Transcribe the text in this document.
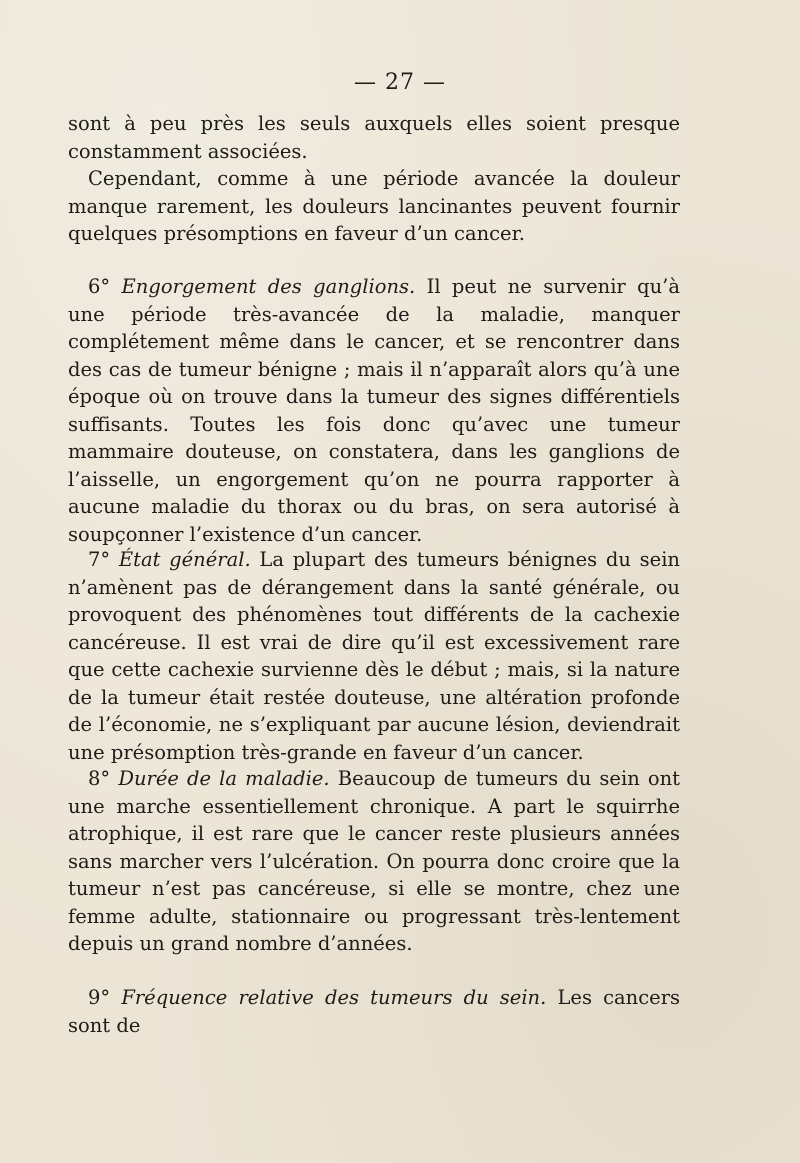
— 27 —

sont à peu près les seuls auxquels elles soient presque constamment associées.

Cependant, comme à une période avancée la douleur manque rarement, les douleurs lancinantes peuvent fournir quelques présomptions en faveur d’un cancer.

6° Engorgement des ganglions. Il peut ne survenir qu’à une période très-avancée de la maladie, manquer complétement même dans le cancer, et se rencontrer dans des cas de tumeur bénigne ; mais il n’apparaît alors qu’à une époque où on trouve dans la tumeur des signes différentiels suffisants. Toutes les fois donc qu’avec une tumeur mammaire douteuse, on constatera, dans les ganglions de l’aisselle, un engorgement qu’on ne pourra rapporter à aucune maladie du thorax ou du bras, on sera autorisé à soupçonner l’existence d’un cancer.

7° État général. La plupart des tumeurs bénignes du sein n’amènent pas de dérangement dans la santé générale, ou provoquent des phénomènes tout différents de la cachexie cancéreuse. Il est vrai de dire qu’il est excessivement rare que cette cachexie survienne dès le début ; mais, si la nature de la tumeur était restée douteuse, une altération profonde de l’économie, ne s’expliquant par aucune lésion, deviendrait une présomption très-grande en faveur d’un cancer.

8° Durée de la maladie. Beaucoup de tumeurs du sein ont une marche essentiellement chronique. A part le squirrhe atrophique, il est rare que le cancer reste plusieurs années sans marcher vers l’ulcération. On pourra donc croire que la tumeur n’est pas cancéreuse, si elle se montre, chez une femme adulte, stationnaire ou progressant très-lentement depuis un grand nombre d’années.

9° Fréquence relative des tumeurs du sein. Les cancers sont de
